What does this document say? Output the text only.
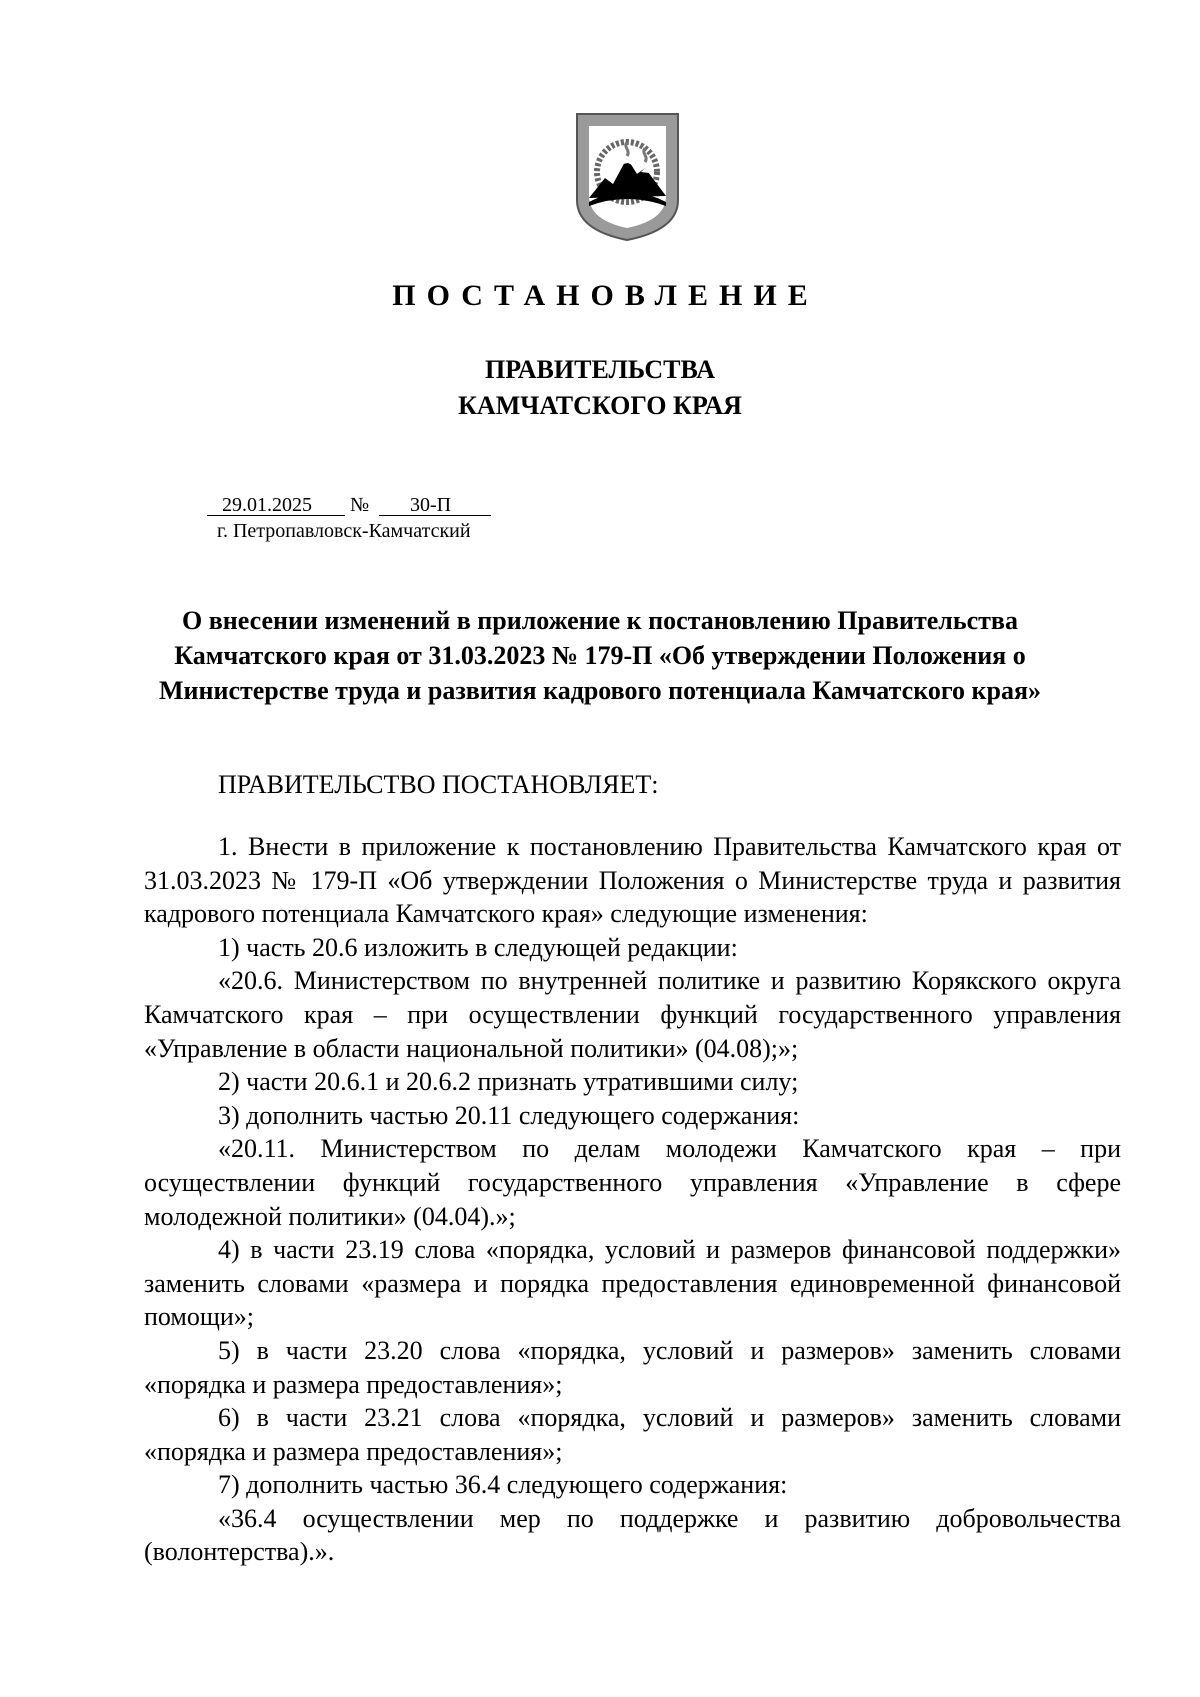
ПОСТАНОВЛЕНИЕ
ПРАВИТЕЛЬСТВА
КАМЧАТСКОГО КРАЯ
29.01.2025 № 30-П
г. Петропавловск-Камчатский
О внесении изменений в приложение к постановлению Правительства Камчатского края от 31.03.2023 № 179-П «Об утверждении Положения о Министерстве труда и развития кадрового потенциала Камчатского края»
ПРАВИТЕЛЬСТВО ПОСТАНОВЛЯЕТ:

1. Внести в приложение к постановлению Правительства Камчатского края от 31.03.2023 № 179-П «Об утверждении Положения о Министерстве труда и развития кадрового потенциала Камчатского края» следующие изменения:

1) часть 20.6 изложить в следующей редакции:

«20.6. Министерством по внутренней политике и развитию Корякского округа Камчатского края – при осуществлении функций государственного управления «Управление в области национальной политики» (04.08);»;

2) части 20.6.1 и 20.6.2 признать утратившими силу;

3) дополнить частью 20.11 следующего содержания:

«20.11. Министерством по делам молодежи Камчатского края – при осуществлении функций государственного управления «Управление в сфере молодежной политики» (04.04).»;

4) в части 23.19 слова «порядка, условий и размеров финансовой поддержки» заменить словами «размера и порядка предоставления единовременной финансовой помощи»;

5) в части 23.20 слова «порядка, условий и размеров» заменить словами «порядка и размера предоставления»;

6) в части 23.21 слова «порядка, условий и размеров» заменить словами «порядка и размера предоставления»;

7) дополнить частью 36.4 следующего содержания:

«36.4 осуществлении мер по поддержке и развитию добровольчества (волонтерства).».
